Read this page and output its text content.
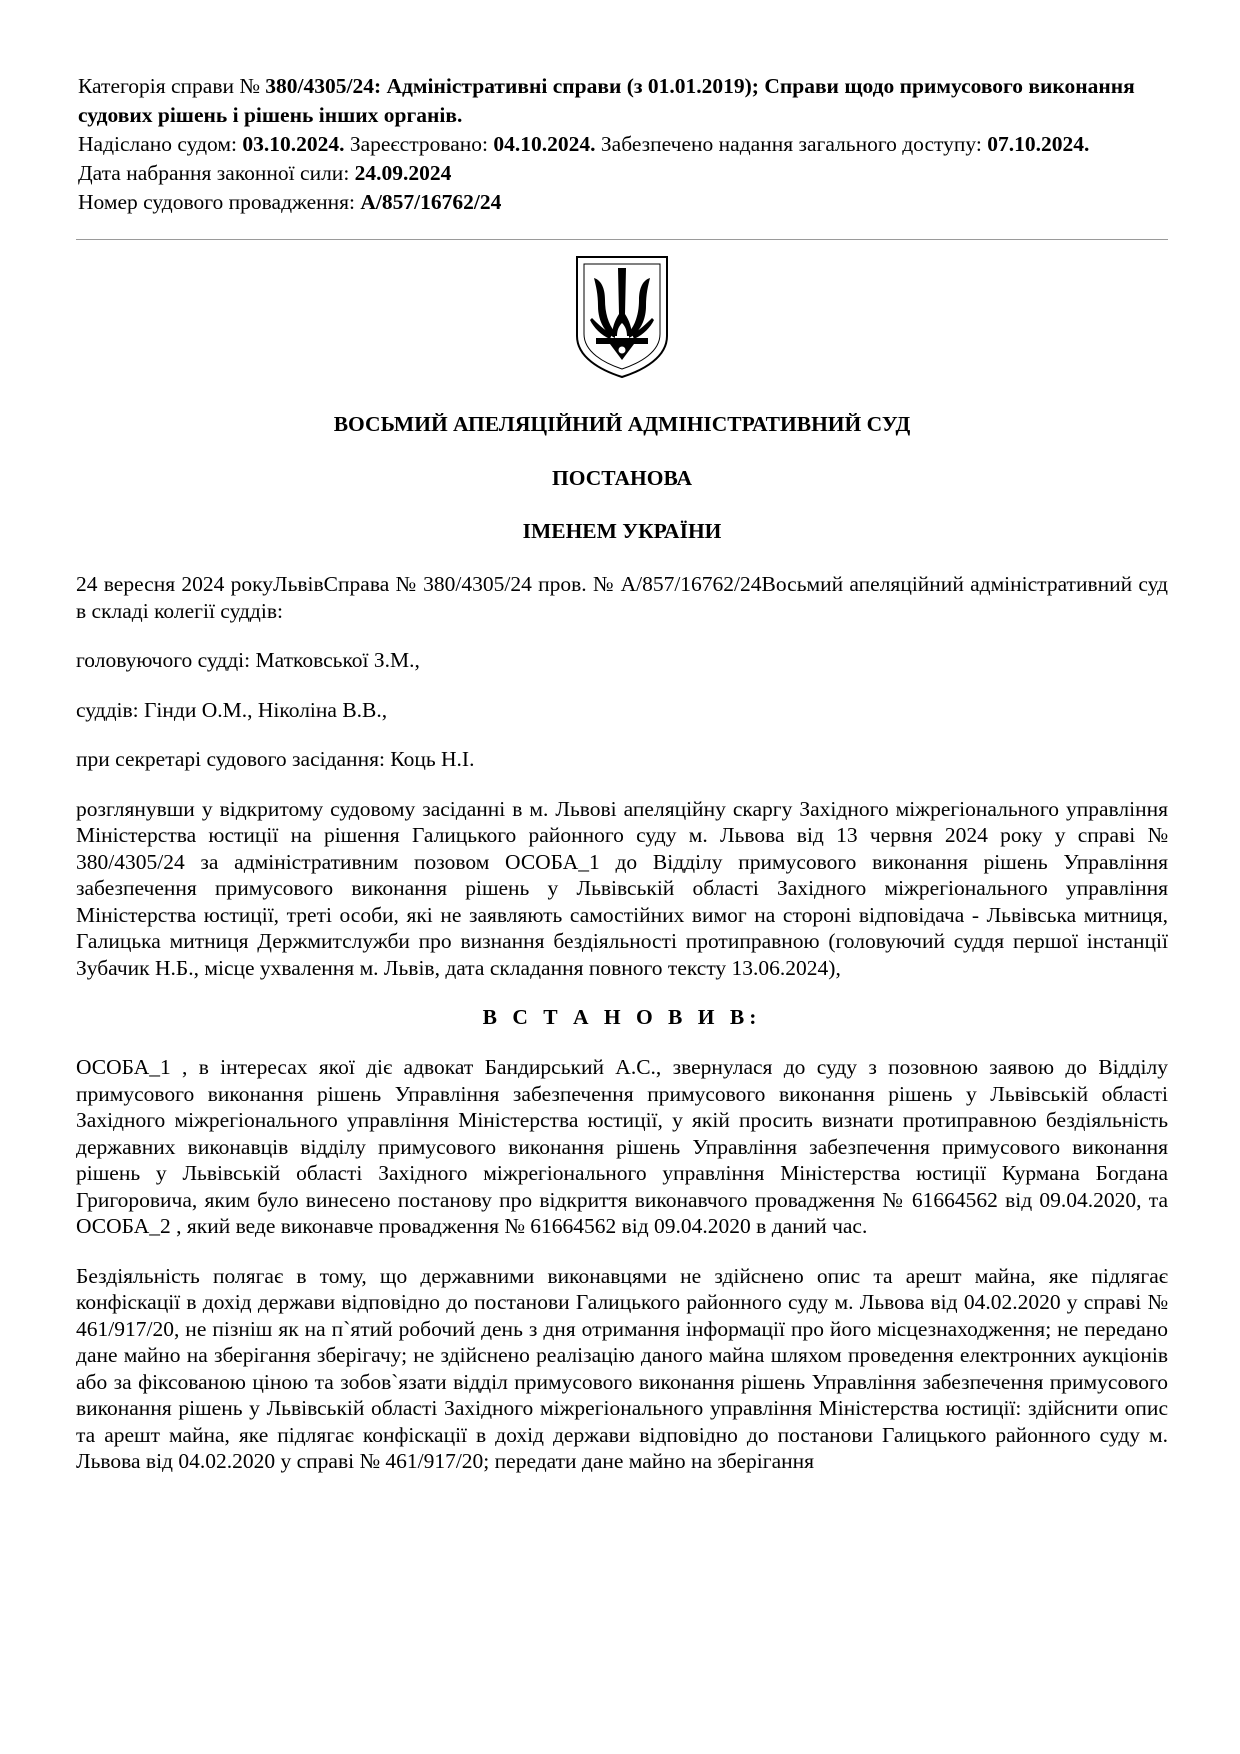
Категорія справи № 380/4305/24: Адміністративні справи (з 01.01.2019); Справи щодо примусового виконання судових рішень і рішень інших органів.

Надіслано судом: 03.10.2024. Зареєстровано: 04.10.2024. Забезпечено надання загального доступу: 07.10.2024.

Дата набрання законної сили: 24.09.2024

Номер судового провадження: А/857/16762/24

ВОСЬМИЙ АПЕЛЯЦІЙНИЙ АДМІНІСТРАТИВНИЙ СУД

ПОСТАНОВА

ІМЕНЕМ УКРАЇНИ

24 вересня 2024 рокуЛьвівСправа № 380/4305/24 пров. № А/857/16762/24Восьмий апеляційний адміністративний суд в складі колегії суддів:

головуючого судді: Матковської З.М.,

суддів: Гінди О.М., Ніколіна В.В.,

при секретарі судового засідання: Коць Н.І.

розглянувши у відкритому судовому засіданні в м. Львові апеляційну скаргу Західного міжрегіонального управління Міністерства юстиції на рішення Галицького районного суду м. Львова від 13 червня 2024 року у справі № 380/4305/24 за адміністративним позовом ОСОБА_1 до Відділу примусового виконання рішень Управління забезпечення примусового виконання рішень у Львівській області Західного міжрегіонального управління Міністерства юстиції, треті особи, які не заявляють самостійних вимог на стороні відповідача - Львівська митниця, Галицька митниця Держмитслужби про визнання бездіяльності протиправною (головуючий суддя першої інстанції Зубачик Н.Б., місце ухвалення м. Львів, дата складання повного тексту 13.06.2024),

В С Т А Н О В И В:

ОСОБА_1 , в інтересах якої діє адвокат Бандирський А.С., звернулася до суду з позовною заявою до Відділу примусового виконання рішень Управління забезпечення примусового виконання рішень у Львівській області Західного міжрегіонального управління Міністерства юстиції, у якій просить визнати протиправною бездіяльність державних виконавців відділу примусового виконання рішень Управління забезпечення примусового виконання рішень у Львівській області Західного міжрегіонального управління Міністерства юстиції Курмана Богдана Григоровича, яким було винесено постанову про відкриття виконавчого провадження № 61664562 від 09.04.2020, та ОСОБА_2 , який веде виконавче провадження № 61664562 від 09.04.2020 в даний час.

Бездіяльність полягає в тому, що державними виконавцями не здійснено опис та арешт майна, яке підлягає конфіскації в дохід держави відповідно до постанови Галицького районного суду м. Львова від 04.02.2020 у справі № 461/917/20, не пізніш як на п`ятий робочий день з дня отримання інформації про його місцезнаходження; не передано дане майно на зберігання зберігачу; не здійснено реалізацію даного майна шляхом проведення електронних аукціонів або за фіксованою ціною та зобов`язати відділ примусового виконання рішень Управління забезпечення примусового виконання рішень у Львівській області Західного міжрегіонального управління Міністерства юстиції: здійснити опис та арешт майна, яке підлягає конфіскації в дохід держави відповідно до постанови Галицького районного суду м. Львова від 04.02.2020 у справі № 461/917/20; передати дане майно на зберігання
